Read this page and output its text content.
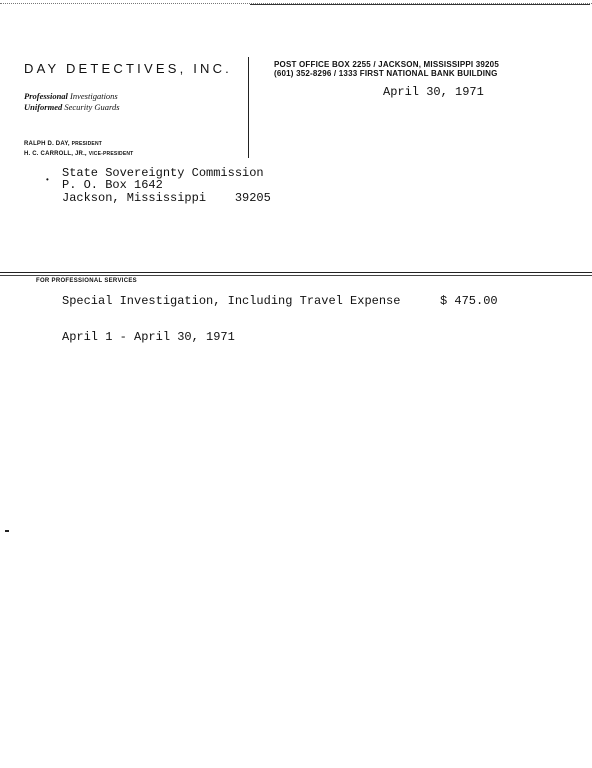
DAY DETECTIVES, INC.
Professional Investigations
Uniformed Security Guards
RALPH D. DAY, PRESIDENT
H. C. CARROLL, JR., VICE-PRESIDENT
POST OFFICE BOX 2255 / JACKSON, MISSISSIPPI 39205
(601) 352-8296 / 1333 FIRST NATIONAL BANK BUILDING
April 30, 1971
• State Sovereignty Commission
P. O. Box 1642
Jackson, Mississippi    39205
FOR PROFESSIONAL SERVICES
Special Investigation, Including Travel Expense	$ 475.00
April 1 - April 30, 1971
